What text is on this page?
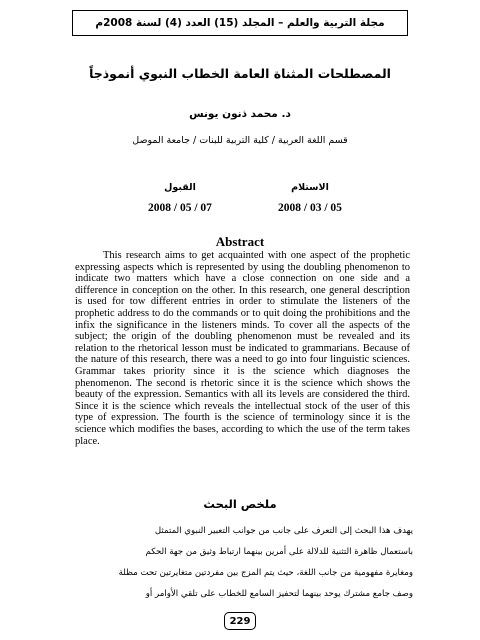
مجلة التربية والعلم – المجلد (15) العدد (4) لسنة 2008م
المصطلحات المثناة العامة الخطاب النبوي أنموذجاً
د. محمد ذنون يونس
قسم اللغة العربية / كلية التربية للبنات / جامعة الموصل
الاستلام
2008 / 03 / 05
القبول
2008 / 05 / 07
Abstract

This research aims to get acquainted with one aspect of the prophetic expressing aspects which is represented by using the doubling phenomenon to indicate two matters which have a close connection on one side and a difference in conception on the other. In this research, one general description is used for tow different entries in order to stimulate the listeners of the prophetic address to do the commands or to quit doing the prohibitions and the infix the significance in the listeners minds. To cover all the aspects of the subject; the origin of the doubling phenomenon must be revealed and its relation to the rhetorical lesson must be indicated to grammarians. Because of the nature of this research, there was a need to go into four linguistic sciences. Grammar takes priority since it is the science which diagnoses the phenomenon. The second is rhetoric since it is the science which shows the beauty of the expression. Semantics with all its levels are considered the third. Since it is the science which reveals the intellectual stock of the user of this type of expression. The fourth is the science of terminology since it is the science which modifies the bases, according to which the use of the term takes place.

ملخص البحث

يهدف هذا البحث إلى التعرف على جانب من جوانب التعبير النبوي المتمثل
باستعمال ظاهرة التثنية للدلالة على أمرين بينهما ارتباط وثيق من جهة الحكم
ومغايرة مفهومية من جانب اللغة، حيث يتم المزج بين مفردتين متغايرتين تحت مظلة
وصف جامع مشترك يوحد بينهما لتحفيز السامع للخطاب على تلقي الأوامر أو

229
